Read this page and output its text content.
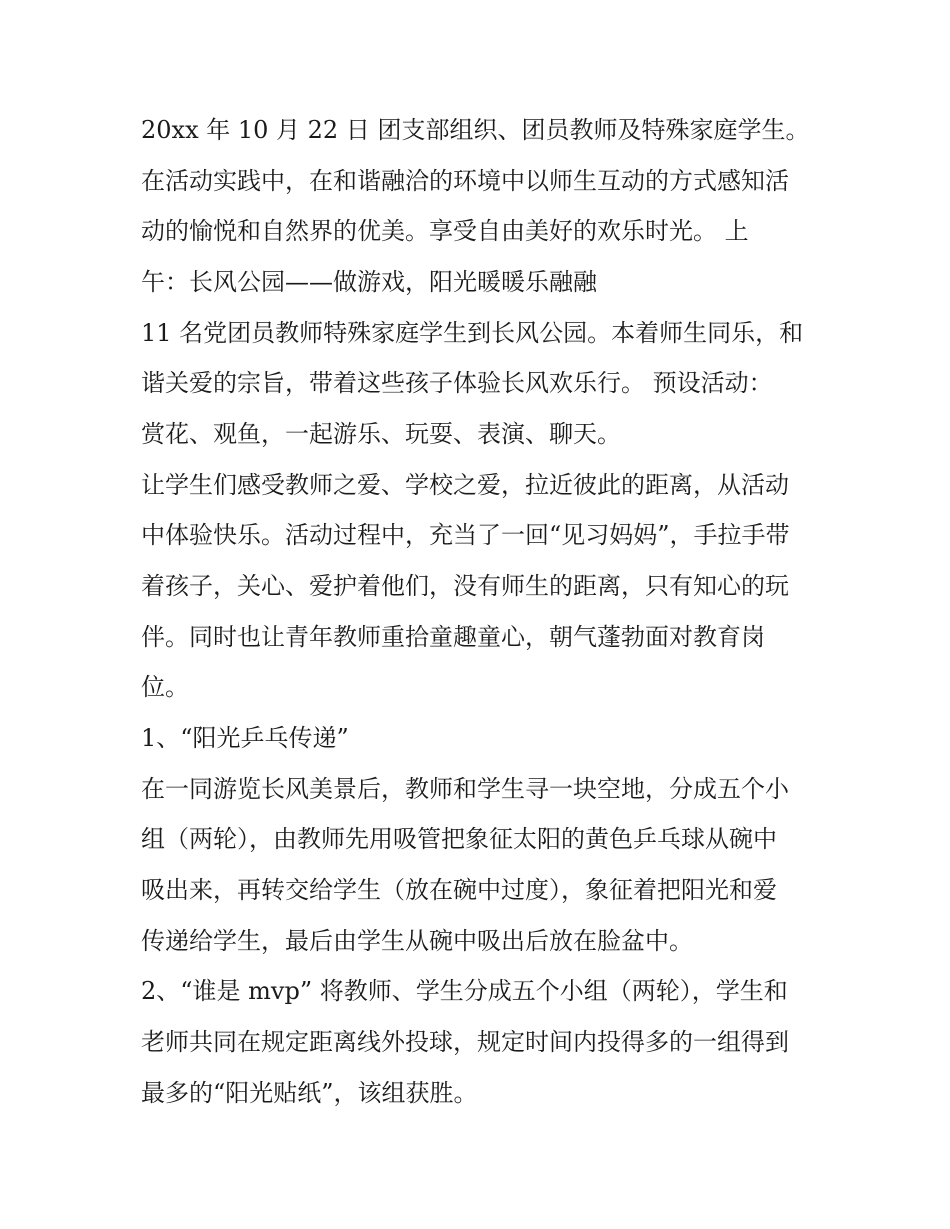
20xx 年 10 月 22 日 团支部组织、团员教师及特殊家庭学生。

在活动实践中，在和谐融洽的环境中以师生互动的方式感知活

动的愉悦和自然界的优美。享受自由美好的欢乐时光。 上

午：长风公园——做游戏，阳光暖暖乐融融

11 名党团员教师特殊家庭学生到长风公园。本着师生同乐，和

谐关爱的宗旨，带着这些孩子体验长风欢乐行。 预设活动：

赏花、观鱼，一起游乐、玩耍、表演、聊天。

让学生们感受教师之爱、学校之爱，拉近彼此的距离，从活动

中体验快乐。活动过程中，充当了一回“见习妈妈”，手拉手带

着孩子，关心、爱护着他们，没有师生的距离，只有知心的玩

伴。同时也让青年教师重拾童趣童心，朝气蓬勃面对教育岗

位。

1、“阳光乒乓传递”

在一同游览长风美景后，教师和学生寻一块空地，分成五个小

组（两轮），由教师先用吸管把象征太阳的黄色乒乓球从碗中

吸出来，再转交给学生（放在碗中过度），象征着把阳光和爱

传递给学生，最后由学生从碗中吸出后放在脸盆中。

2、“谁是 mvp” 将教师、学生分成五个小组（两轮），学生和

老师共同在规定距离线外投球，规定时间内投得多的一组得到

最多的“阳光贴纸”，该组获胜。
